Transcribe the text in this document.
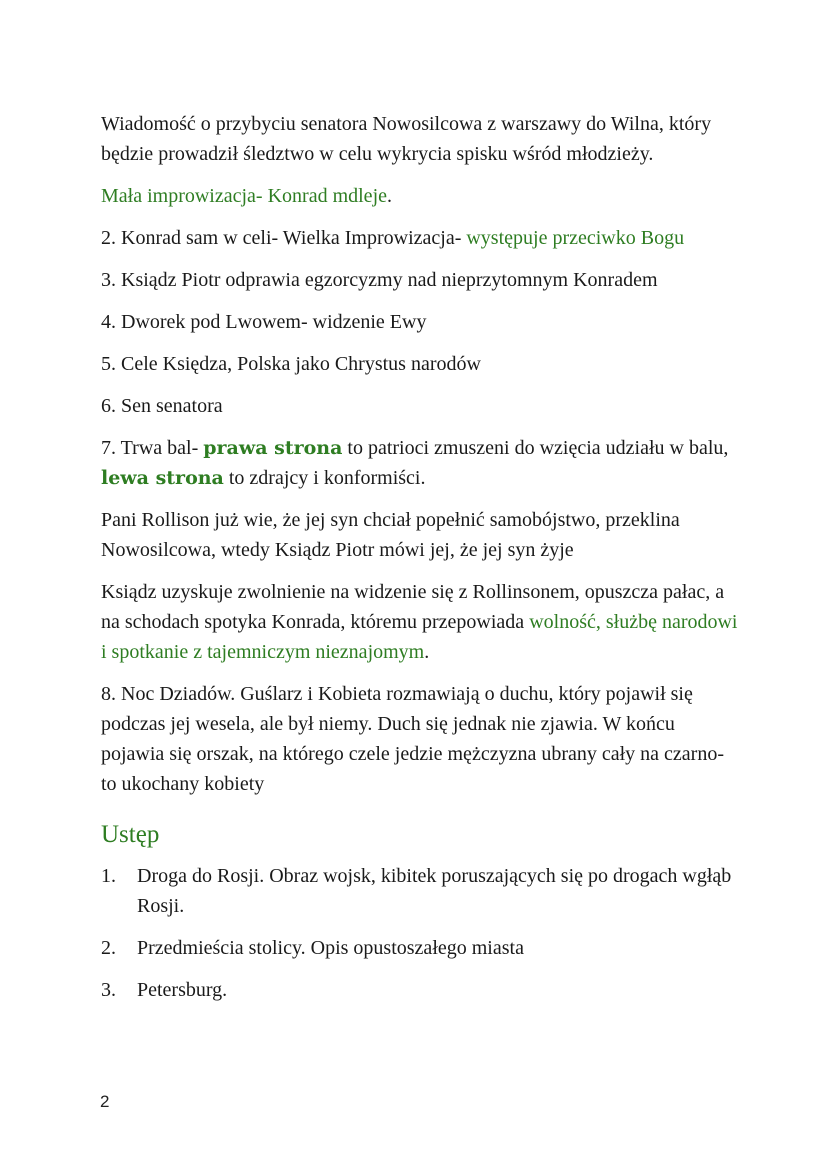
Wiadomość o przybyciu senatora Nowosilcowa z warszawy do Wilna, który będzie prowadził śledztwo w celu wykrycia spisku wśród młodzieży.

Mała improwizacja- Konrad mdleje.

2. Konrad sam w celi- Wielka Improwizacja- występuje przeciwko Bogu

3. Ksiądz Piotr odprawia egzorcyzmy nad nieprzytomnym Konradem

4. Dworek pod Lwowem- widzenie Ewy

5. Cele Księdza, Polska jako Chrystus narodów

6. Sen senatora

7. Trwa bal- prawa strona to patrioci zmuszeni do wzięcia udziału w balu, lewa strona to zdrajcy i konformiści.

Pani Rollison już wie, że jej syn chciał popełnić samobójstwo, przeklina Nowosilcowa, wtedy Ksiądz Piotr mówi jej, że jej syn żyje

Ksiądz uzyskuje zwolnienie na widzenie się z Rollinsonem, opuszcza pałac, a na schodach spotyka Konrada, któremu przepowiada wolność, służbę narodowi i spotkanie z tajemniczym nieznajomym.

8. Noc Dziadów. Guślarz i Kobieta rozmawiają o duchu, który pojawił się podczas jej wesela, ale był niemy. Duch się jednak nie zjawia. W końcu pojawia się orszak, na którego czele jedzie mężczyzna ubrany cały na czarno- to ukochany kobiety

Ustęp
1.	Droga do Rosji. Obraz wojsk, kibitek poruszających się po drogach wgłąb Rosji.
2.	Przedmieścia stolicy. Opis opustoszałego miasta
3.	Petersburg.
2
